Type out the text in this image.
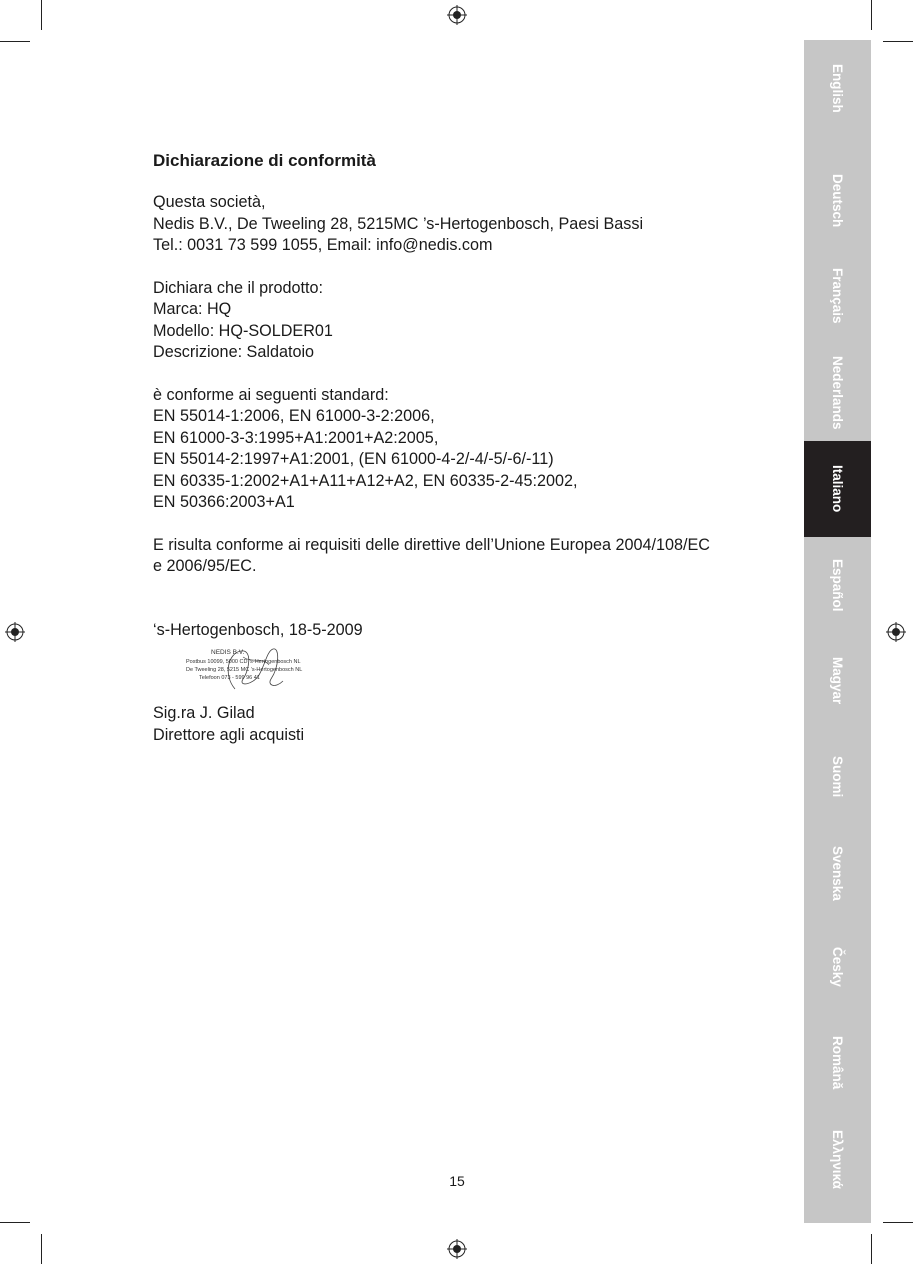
Dichiarazione di conformità
Questa società,
Nedis B.V., De Tweeling 28, 5215MC ’s-Hertogenbosch, Paesi Bassi
Tel.: 0031 73 599 1055, Email: info@nedis.com
Dichiara che il prodotto:
Marca: HQ
Modello: HQ-SOLDER01
Descrizione: Saldatoio
è conforme ai seguenti standard:
EN 55014-1:2006, EN 61000-3-2:2006,
EN 61000-3-3:1995+A1:2001+A2:2005,
EN 55014-2:1997+A1:2001, (EN 61000-4-2/-4/-5/-6/-11)
EN 60335-1:2002+A1+A11+A12+A2, EN 60335-2-45:2002,
EN 50366:2003+A1
E risulta conforme ai requisiti delle direttive dell’Unione Europea 2004/108/EC
e 2006/95/EC.
‘s-Hertogenbosch, 18-5-2009
NEDIS B.V.
Postbus 10099, 5000 CD ’s-Hertogenbosch NL
De Tweeling 28, 5215 MC ’s-Hertogenbosch NL
Telefoon 073 - 599 96 41
Sig.ra J. Gilad
Direttore agli acquisti
15
English
Deutsch
Français
Nederlands
Italiano
Español
Magyar
Suomi
Svenska
Česky
Română
Ελληνικά
